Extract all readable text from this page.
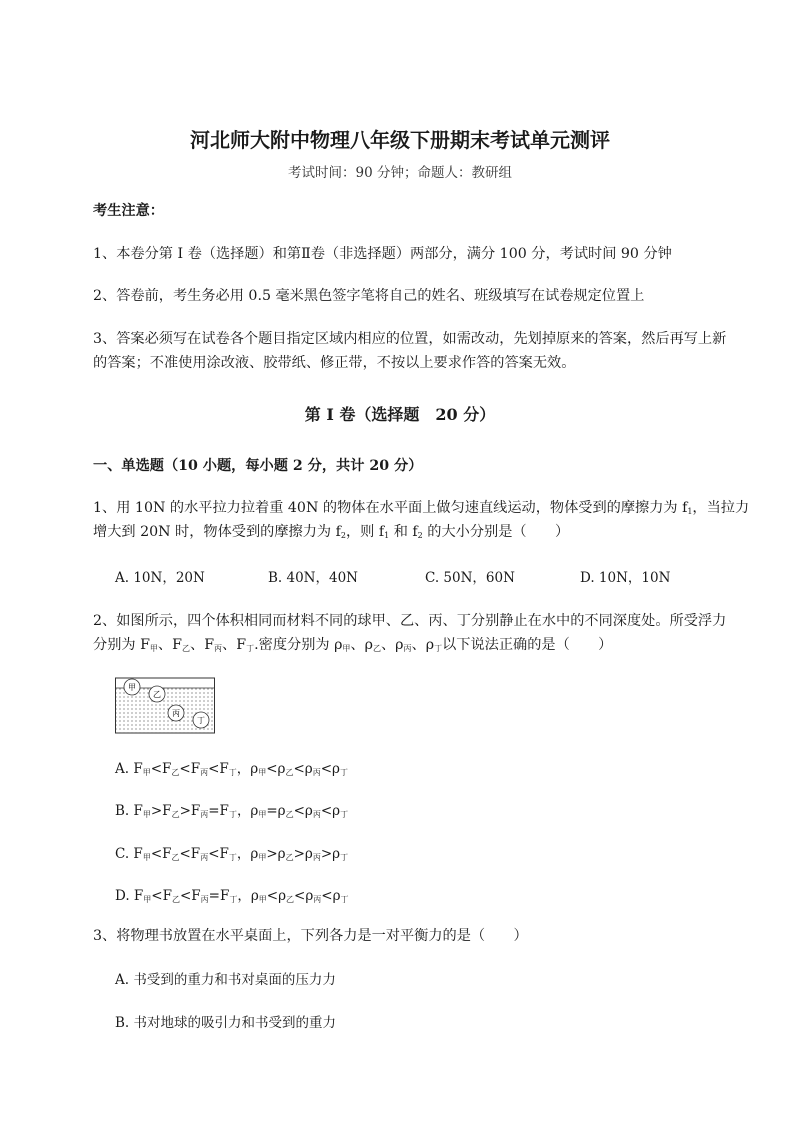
河北师大附中物理八年级下册期末考试单元测评
考试时间：90 分钟；命题人：教研组
考生注意：
1、本卷分第 I 卷（选择题）和第Ⅱ卷（非选择题）两部分，满分 100 分，考试时间 90 分钟
2、答卷前，考生务必用 0.5 毫米黑色签字笔将自己的姓名、班级填写在试卷规定位置上
3、答案必须写在试卷各个题目指定区域内相应的位置，如需改动，先划掉原来的答案，然后再写上新
的答案；不准使用涂改液、胶带纸、修正带，不按以上要求作答的答案无效。
第 I 卷（选择题　20 分）
一、单选题（10 小题，每小题 2 分，共计 20 分）
1、用 10N 的水平拉力拉着重 40N 的物体在水平面上做匀速直线运动，物体受到的摩擦力为 $f_1$，当拉力
增大到 20N 时，物体受到的摩擦力为 $f_2$，则 $f_1$ 和 $f_2$ 的大小分别是（　　）
A. 10N，20N	B. 40N，40N	C. 50N，60N	D. 10N，10N
2、如图所示，四个体积相同而材料不同的球甲、乙、丙、丁分别静止在水中的不同深度处。所受浮力
分别为 $F_甲$、$F_乙$、$F_丙$、$F_丁$.密度分别为 $\rho_甲$、$\rho_乙$、$\rho_丙$、$\rho_丁$以下说法正确的是（　　）
甲
乙
丙
丁
A. $F_甲<F_乙<F_丙<F_丁$，$\rho_甲<\rho_乙<\rho_丙<\rho_丁$
B. $F_甲>F_乙>F_丙=F_丁$，$\rho_甲=\rho_乙<\rho_丙<\rho_丁$
C. $F_甲<F_乙<F_丙<F_丁$，$\rho_甲>\rho_乙>\rho_丙>\rho_丁$
D. $F_甲<F_乙<F_丙=F_丁$，$\rho_甲<\rho_乙<\rho_丙<\rho_丁$
3、将物理书放置在水平桌面上，下列各力是一对平衡力的是（　　）
A. 书受到的重力和书对桌面的压力力
B. 书对地球的吸引力和书受到的重力
